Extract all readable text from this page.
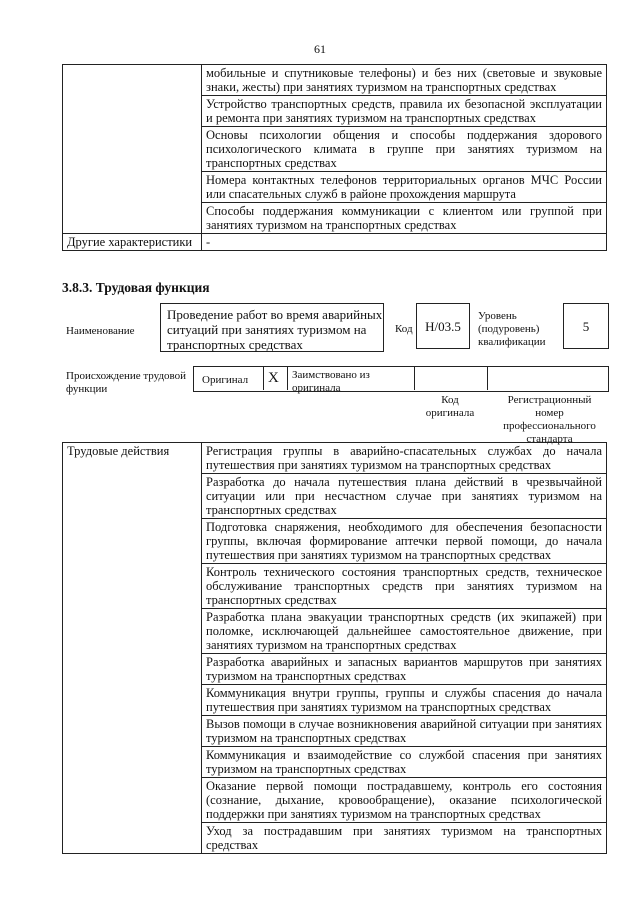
61
	мобильные и спутниковые телефоны) и без них (световые и звуковые знаки, жесты) при занятиях туризмом на транспортных средствах
	Устройство транспортных средств, правила их безопасной эксплуатации и ремонта при занятиях туризмом на транспортных средствах
	Основы психологии общения и способы поддержания здорового психологического климата в группе при занятиях туризмом на транспортных средствах
	Номера контактных телефонов территориальных органов МЧС России или спасательных служб в районе прохождения маршрута
	Способы поддержания коммуникации с клиентом или группой при занятиях туризмом на транспортных средствах
Другие характеристики	-
3.8.3. Трудовая функция
Наименование
Проведение работ во время аварийных ситуаций при занятиях туризмом на транспортных средствах
Код Н/03.5
Уровень (подуровень) квалификации
5
Происхождение трудовой функции
Оригинал X Заимствовано из оригинала
Код оригинала
Регистрационный номер профессионального стандарта
Трудовые действия	Регистрация группы в аварийно-спасательных службах до начала путешествия при занятиях туризмом на транспортных средствах
Разработка до начала путешествия плана действий в чрезвычайной ситуации или при несчастном случае при занятиях туризмом на транспортных средствах
Подготовка снаряжения, необходимого для обеспечения безопасности группы, включая формирование аптечки первой помощи, до начала путешествия при занятиях туризмом на транспортных средствах
Контроль технического состояния транспортных средств, техническое обслуживание транспортных средств при занятиях туризмом на транспортных средствах
Разработка плана эвакуации транспортных средств (их экипажей) при поломке, исключающей дальнейшее самостоятельное движение, при занятиях туризмом на транспортных средствах
Разработка аварийных и запасных вариантов маршрутов при занятиях туризмом на транспортных средствах
Коммуникация внутри группы, группы и службы спасения до начала путешествия при занятиях туризмом на транспортных средствах
Вызов помощи в случае возникновения аварийной ситуации при занятиях туризмом на транспортных средствах
Коммуникация и взаимодействие со службой спасения при занятиях туризмом на транспортных средствах
Оказание первой помощи пострадавшему, контроль его состояния (сознание, дыхание, кровообращение), оказание психологической поддержки при занятиях туризмом на транспортных средствах
Уход за пострадавшим при занятиях туризмом на транспортных средствах
